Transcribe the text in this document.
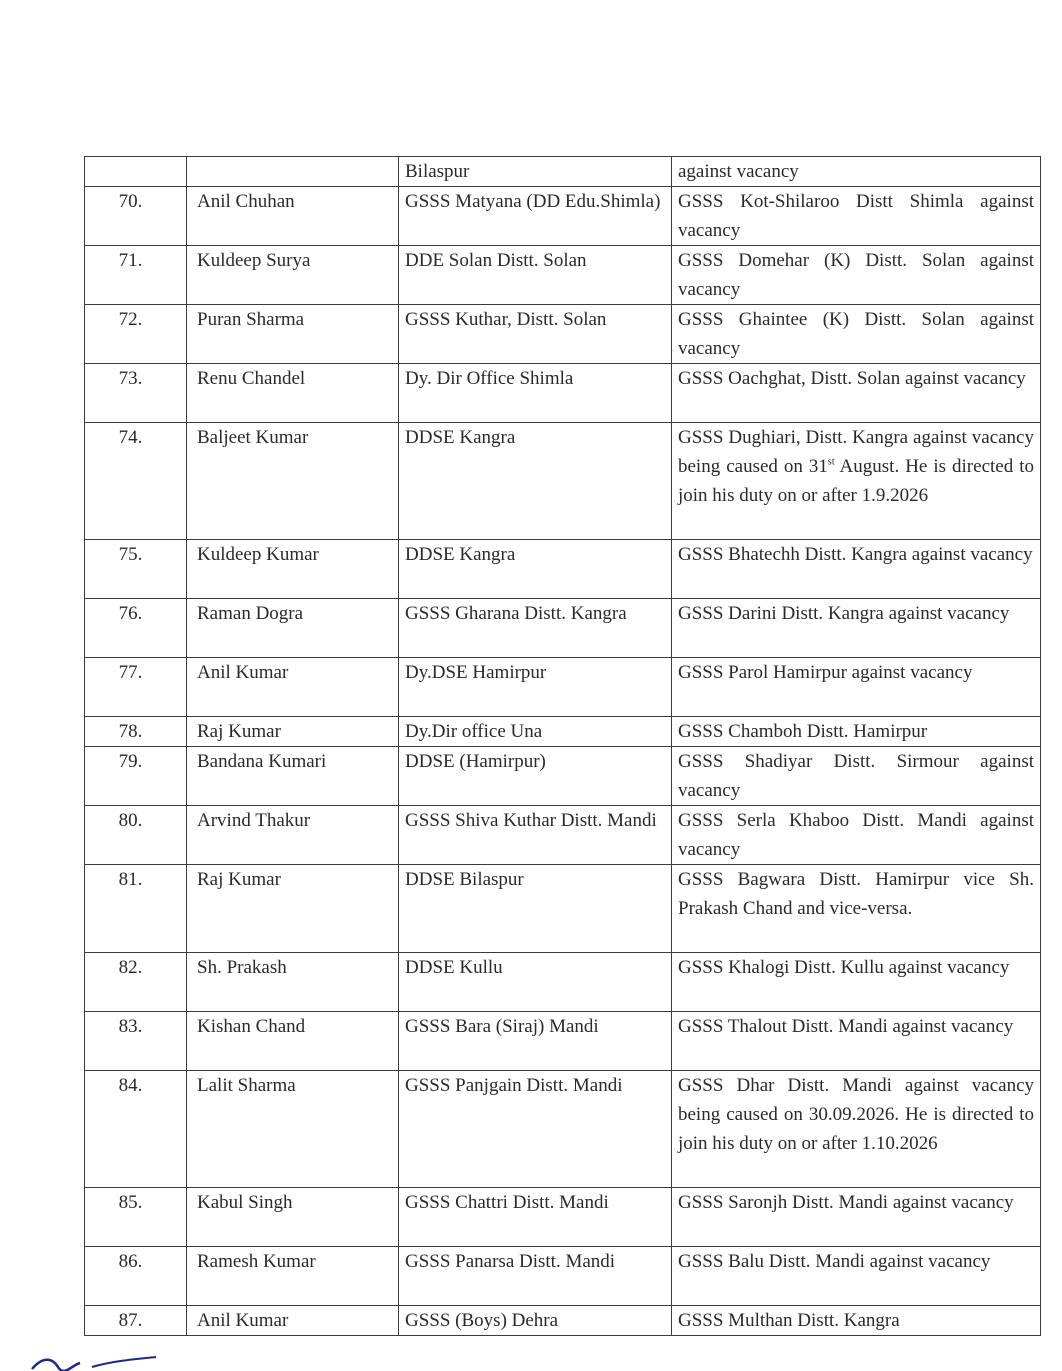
		Bilaspur	against vacancy
70.	Anil Chuhan	GSSS Matyana (DD Edu.Shimla)	GSSS Kot-Shilaroo Distt Shimla against vacancy
71.	Kuldeep Surya	DDE Solan Distt. Solan	GSSS Domehar (K) Distt. Solan against vacancy
72.	Puran Sharma	GSSS Kuthar, Distt. Solan	GSSS Ghaintee (K) Distt. Solan against vacancy
73.	Renu Chandel	Dy. Dir Office Shimla	GSSS Oachghat, Distt. Solan against vacancy
74.	Baljeet Kumar	DDSE Kangra	GSSS Dughiari, Distt. Kangra against vacancy being caused on 31st August. He is directed to join his duty on or after 1.9.2026
75.	Kuldeep Kumar	DDSE Kangra	GSSS Bhatechh Distt. Kangra against vacancy
76.	Raman Dogra	GSSS Gharana Distt. Kangra	GSSS Darini Distt. Kangra against vacancy
77.	Anil Kumar	Dy.DSE Hamirpur	GSSS Parol Hamirpur against vacancy
78.	Raj Kumar	Dy.Dir office Una	GSSS Chamboh Distt. Hamirpur
79.	Bandana Kumari	DDSE (Hamirpur)	GSSS Shadiyar Distt. Sirmour against vacancy
80.	Arvind Thakur	GSSS Shiva Kuthar Distt. Mandi	GSSS Serla Khaboo Distt. Mandi against vacancy
81.	Raj Kumar	DDSE Bilaspur	GSSS Bagwara Distt. Hamirpur vice Sh. Prakash Chand and vice-versa.
82.	Sh. Prakash	DDSE Kullu	GSSS Khalogi Distt. Kullu against vacancy
83.	Kishan Chand	GSSS Bara (Siraj) Mandi	GSSS Thalout Distt. Mandi against vacancy
84.	Lalit Sharma	GSSS Panjgain Distt. Mandi	GSSS Dhar Distt. Mandi against vacancy being caused on 30.09.2026. He is directed to join his duty on or after 1.10.2026
85.	Kabul Singh	GSSS Chattri Distt. Mandi	GSSS Saronjh Distt. Mandi against vacancy
86.	Ramesh Kumar	GSSS Panarsa Distt. Mandi	GSSS Balu Distt. Mandi against vacancy
87.	Anil Kumar	GSSS (Boys) Dehra	GSSS Multhan Distt. Kangra
